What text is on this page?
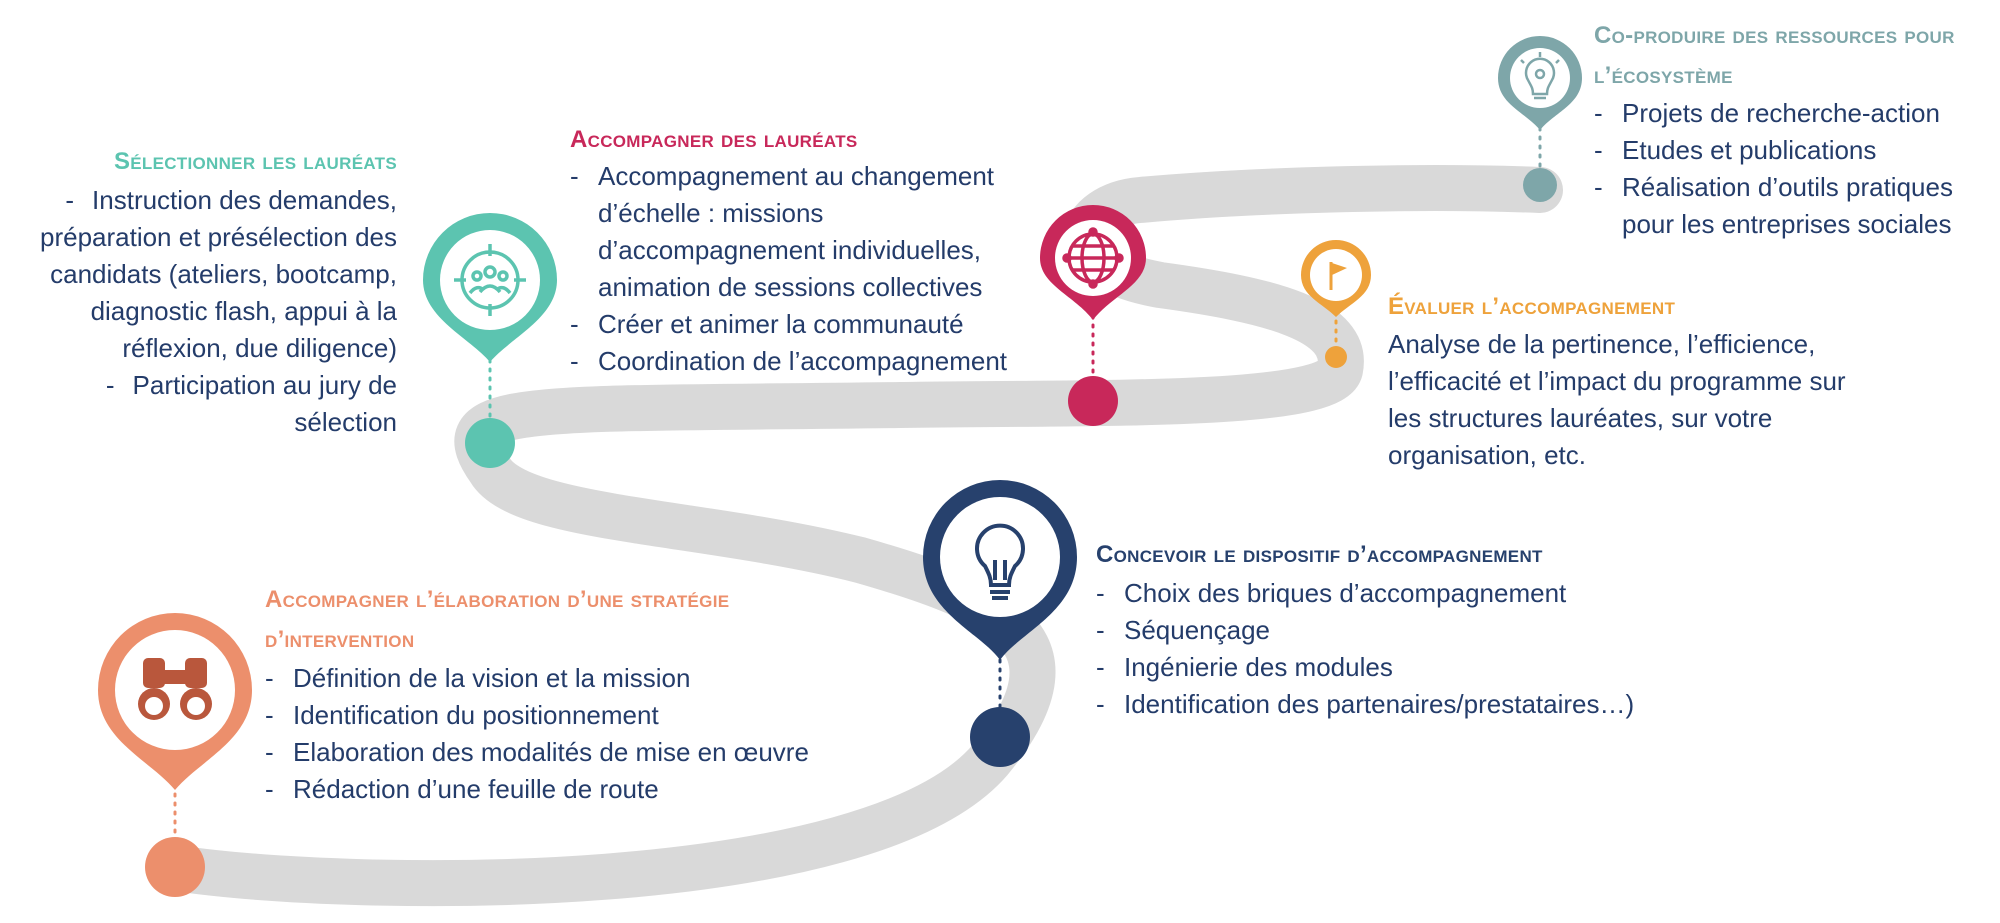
Sélectionner les lauréats
- Instruction des demandes, préparation et présélection des candidats (ateliers, bootcamp, diagnostic flash, appui à la réflexion, due diligence)
- Participation au jury de sélection
Accompagner des lauréats
- Accompagnement au changement d’échelle : missions d’accompagnement individuelles, animation de sessions collectives
- Créer et animer la communauté
- Coordination de l’accompagnement
Co-produire des ressources pour
l’écosystème
- Projets de recherche-action
- Etudes et publications
- Réalisation d’outils pratiques pour les entreprises sociales
Évaluer l’accompagnement

Analyse de la pertinence, l’efficience, l’efficacité et l’impact du programme sur les structures lauréates, sur votre organisation, etc.

Concevoir le dispositif d’accompagnement
- Choix des briques d’accompagnement
- Séquençage
- Ingénierie des modules
- Identification des partenaires/prestataires…)
Accompagner l’élaboration d’une stratégie
d’intervention
- Définition de la vision et la mission
- Identification du positionnement
- Elaboration des modalités de mise en œuvre
- Rédaction d’une feuille de route
